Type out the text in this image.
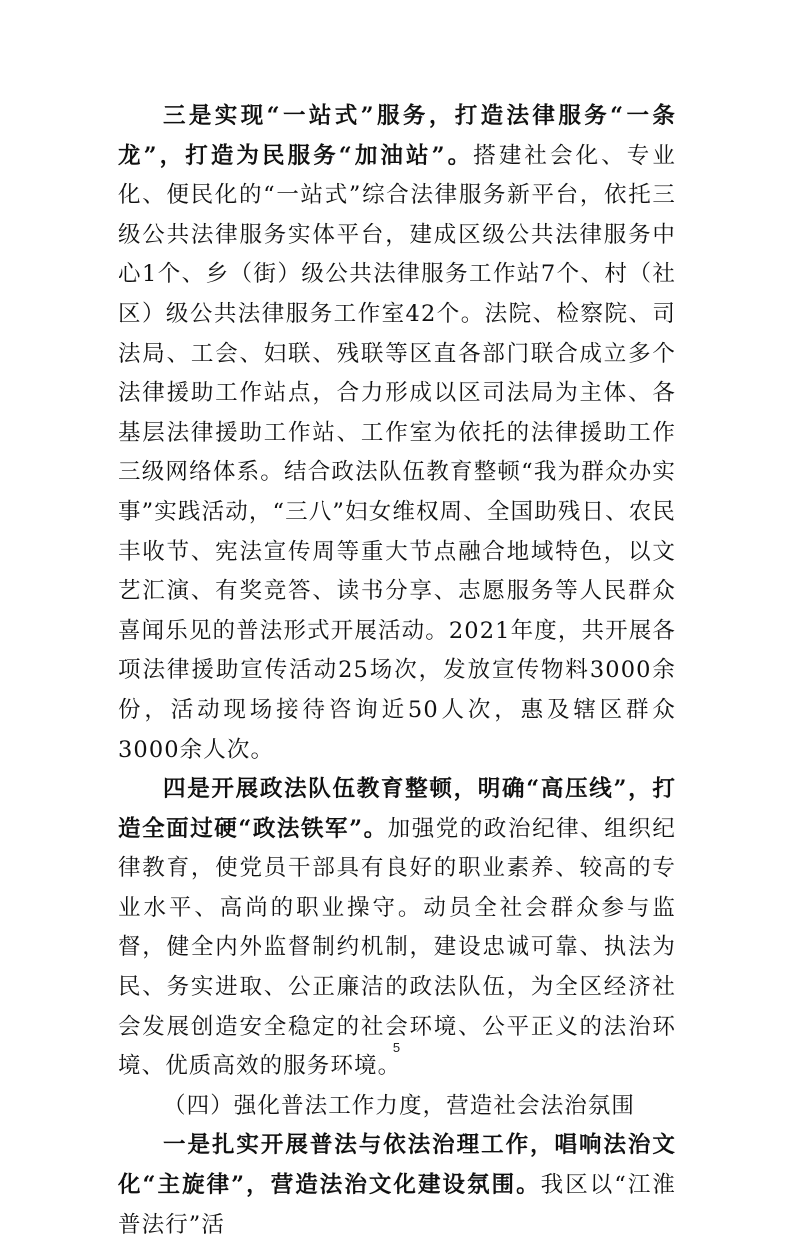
三是实现“一站式”服务，打造法律服务“一条龙”，打造为民服务“加油站”。搭建社会化、专业化、便民化的“一站式”综合法律服务新平台，依托三级公共法律服务实体平台，建成区级公共法律服务中心1个、乡（街）级公共法律服务工作站7个、村（社区）级公共法律服务工作室42个。法院、检察院、司法局、工会、妇联、残联等区直各部门联合成立多个法律援助工作站点，合力形成以区司法局为主体、各基层法律援助工作站、工作室为依托的法律援助工作三级网络体系。结合政法队伍教育整顿“我为群众办实事”实践活动，“三八”妇女维权周、全国助残日、农民丰收节、宪法宣传周等重大节点融合地域特色，以文艺汇演、有奖竞答、读书分享、志愿服务等人民群众喜闻乐见的普法形式开展活动。2021年度，共开展各项法律援助宣传活动25场次，发放宣传物料3000余份，活动现场接待咨询近50人次，惠及辖区群众3000余人次。

四是开展政法队伍教育整顿，明确“高压线”，打造全面过硬“政法铁军”。加强党的政治纪律、组织纪律教育，使党员干部具有良好的职业素养、较高的专业水平、高尚的职业操守。动员全社会群众参与监督，健全内外监督制约机制，建设忠诚可靠、执法为民、务实进取、公正廉洁的政法队伍，为全区经济社会发展创造安全稳定的社会环境、公平正义的法治环境、优质高效的服务环境。

（四）强化普法工作力度，营造社会法治氛围

一是扎实开展普法与依法治理工作，唱响法治文化“主旋律”，营造法治文化建设氛围。我区以“江淮普法行”活

5
